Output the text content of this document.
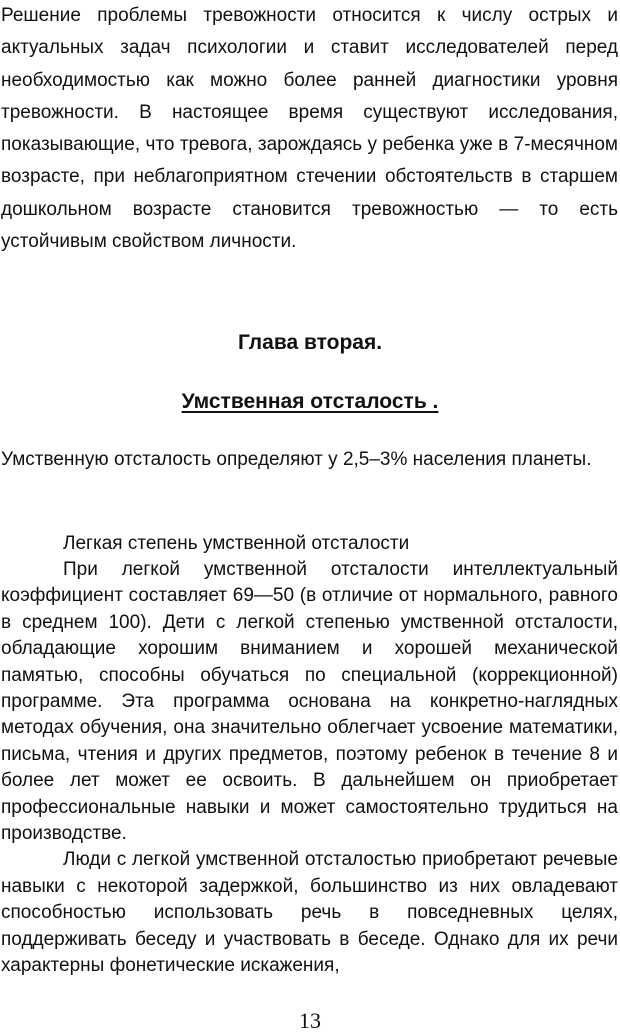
Решение проблемы тревожности относится к числу острых и актуальных задач психологии и ставит исследователей перед необходимостью как можно более ранней диагностики уровня тревожности. В настоящее время существуют исследования, показывающие, что тревога, зарождаясь у ребенка уже в 7-месячном возрасте, при неблагоприятном стечении обстоятельств в старшем дошкольном возрасте становится тревожностью — то есть устойчивым свойством личности.

Глава вторая.
Умственная отсталость .

Умственную отсталость определяют у 2,5–3% населения планеты.

Легкая степень умственной отсталости

При легкой умственной отсталости интеллектуальный коэффициент составляет 69—50 (в отличие от нормального, равного в среднем 100). Дети с легкой степенью умственной отсталости, обладающие хорошим вниманием и хорошей механической памятью, способны обучаться по специальной (коррекционной) программе. Эта программа основана на конкретно-наглядных методах обучения, она значительно облегчает усвоение математики, письма, чтения и других предметов, поэтому ребенок в течение 8 и более лет может ее освоить. В дальнейшем он приобретает профессиональные навыки и может самостоятельно трудиться на производстве.

Люди с легкой умственной отсталостью приобретают речевые навыки с некоторой задержкой, большинство из них овладевают способностью использовать речь в повседневных целях, поддерживать беседу и участвовать в беседе. Однако для их речи характерны фонетические искажения,

13
